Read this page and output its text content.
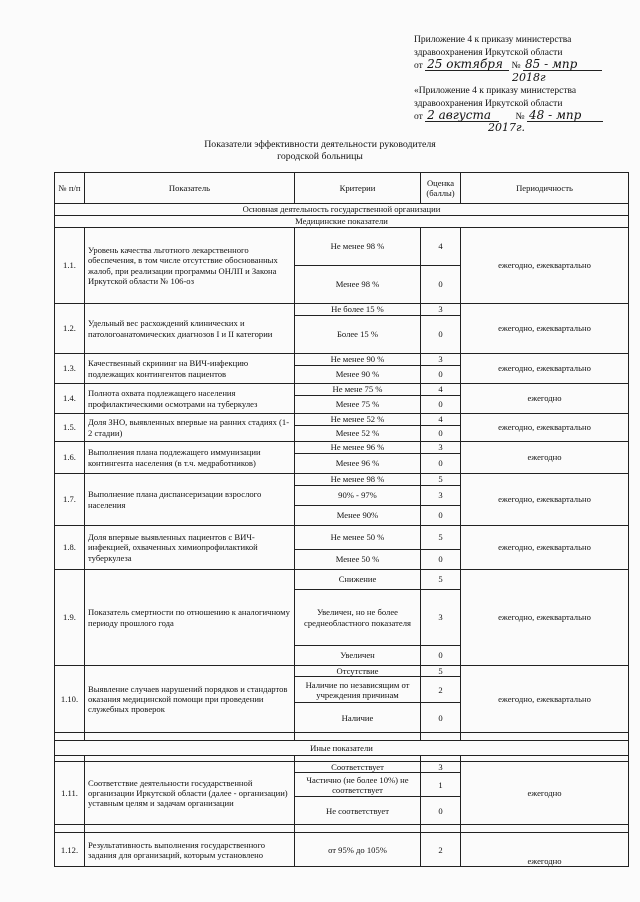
Приложение 4 к приказу министерства
здравоохранения Иркутской области
от 25 октября № 85 - мпр
2018г
«Приложение 4 к приказу министерства
здравоохранения Иркутской области
от 2 августа	№ 48 - мпр
2017г.
Показатели эффективности деятельности руководителя
городской больницы
№ п/п	Показатель	Критерии	Оценка (баллы)	Периодичность
Основная деятельность государственной организации				
Медицинские показатели				
1.1.	Уровень качества льготного лекарственного обеспечения, в том числе отсутствие обоснованных жалоб, при реализации программы ОНЛП и Закона Иркутской области № 106-оз	Не менее 98 %	4	ежегодно, ежеквартально
		Менее 98 %	0	
1.2.	Удельный вес расхождений клинических и патологоанатомических диагнозов I и II категории	Не более 15 %	3	ежегодно, ежеквартально
		Более 15 %	0	
1.3.	Качественный скрининг на ВИЧ-инфекцию подлежащих контингентов пациентов	Не менее 90 %	3	ежегодно, ежеквартально
		Менее 90 %	0	
1.4.	Полнота охвата подлежащего населения профилактическими осмотрами на туберкулез	Не мене 75 %	4	ежегодно
		Менее 75 %	0	
1.5.	Доля ЗНО, выявленных впервые на ранних стадиях (1-2 стадии)	Не менее 52 %	4	ежегодно, ежеквартально
		Менее 52 %	0	
1.6.	Выполнения плана подлежащего иммунизации контингента населения (в т.ч. медработников)	Не менее 96 %	3	ежегодно
		Менее 96 %	0	
1.7.	Выполнение плана диспансеризации взрослого населения	Не менее 98 %	5	ежегодно, ежеквартально
		90% - 97%	3	
		Менее 90%	0	
1.8.	Доля впервые выявленных пациентов с ВИЧ-инфекцией, охваченных химиопрофилактикой туберкулеза	Не менее 50 %	5	ежегодно, ежеквартально
		Менее 50 %	0	
1.9.	Показатель смертности по отношению к аналогичному периоду прошлого года	Снижение	5	ежегодно, ежеквартально
		Увеличен, но не более среднеобластного показателя	3	
		Увеличен	0	
1.10.	Выявление случаев нарушений порядков и стандартов оказания медицинской помощи при проведении служебных проверок	Отсутствие	5	ежегодно, ежеквартально
		Наличие по независящим от учреждения причинам	2	
		Наличие	0	

Иные показатели				

1.11.	Соответствие деятельности государственной организации Иркутской области (далее - организации) уставным целям и задачам организации	Соответствует	3	ежегодно
		Частично (не более 10%) не соответствует	1	
		Не соответствует	0	

1.12.	Результативность выполнения государственного задания для организаций, которым установлено	от 95% до 105%	2	ежегодно
